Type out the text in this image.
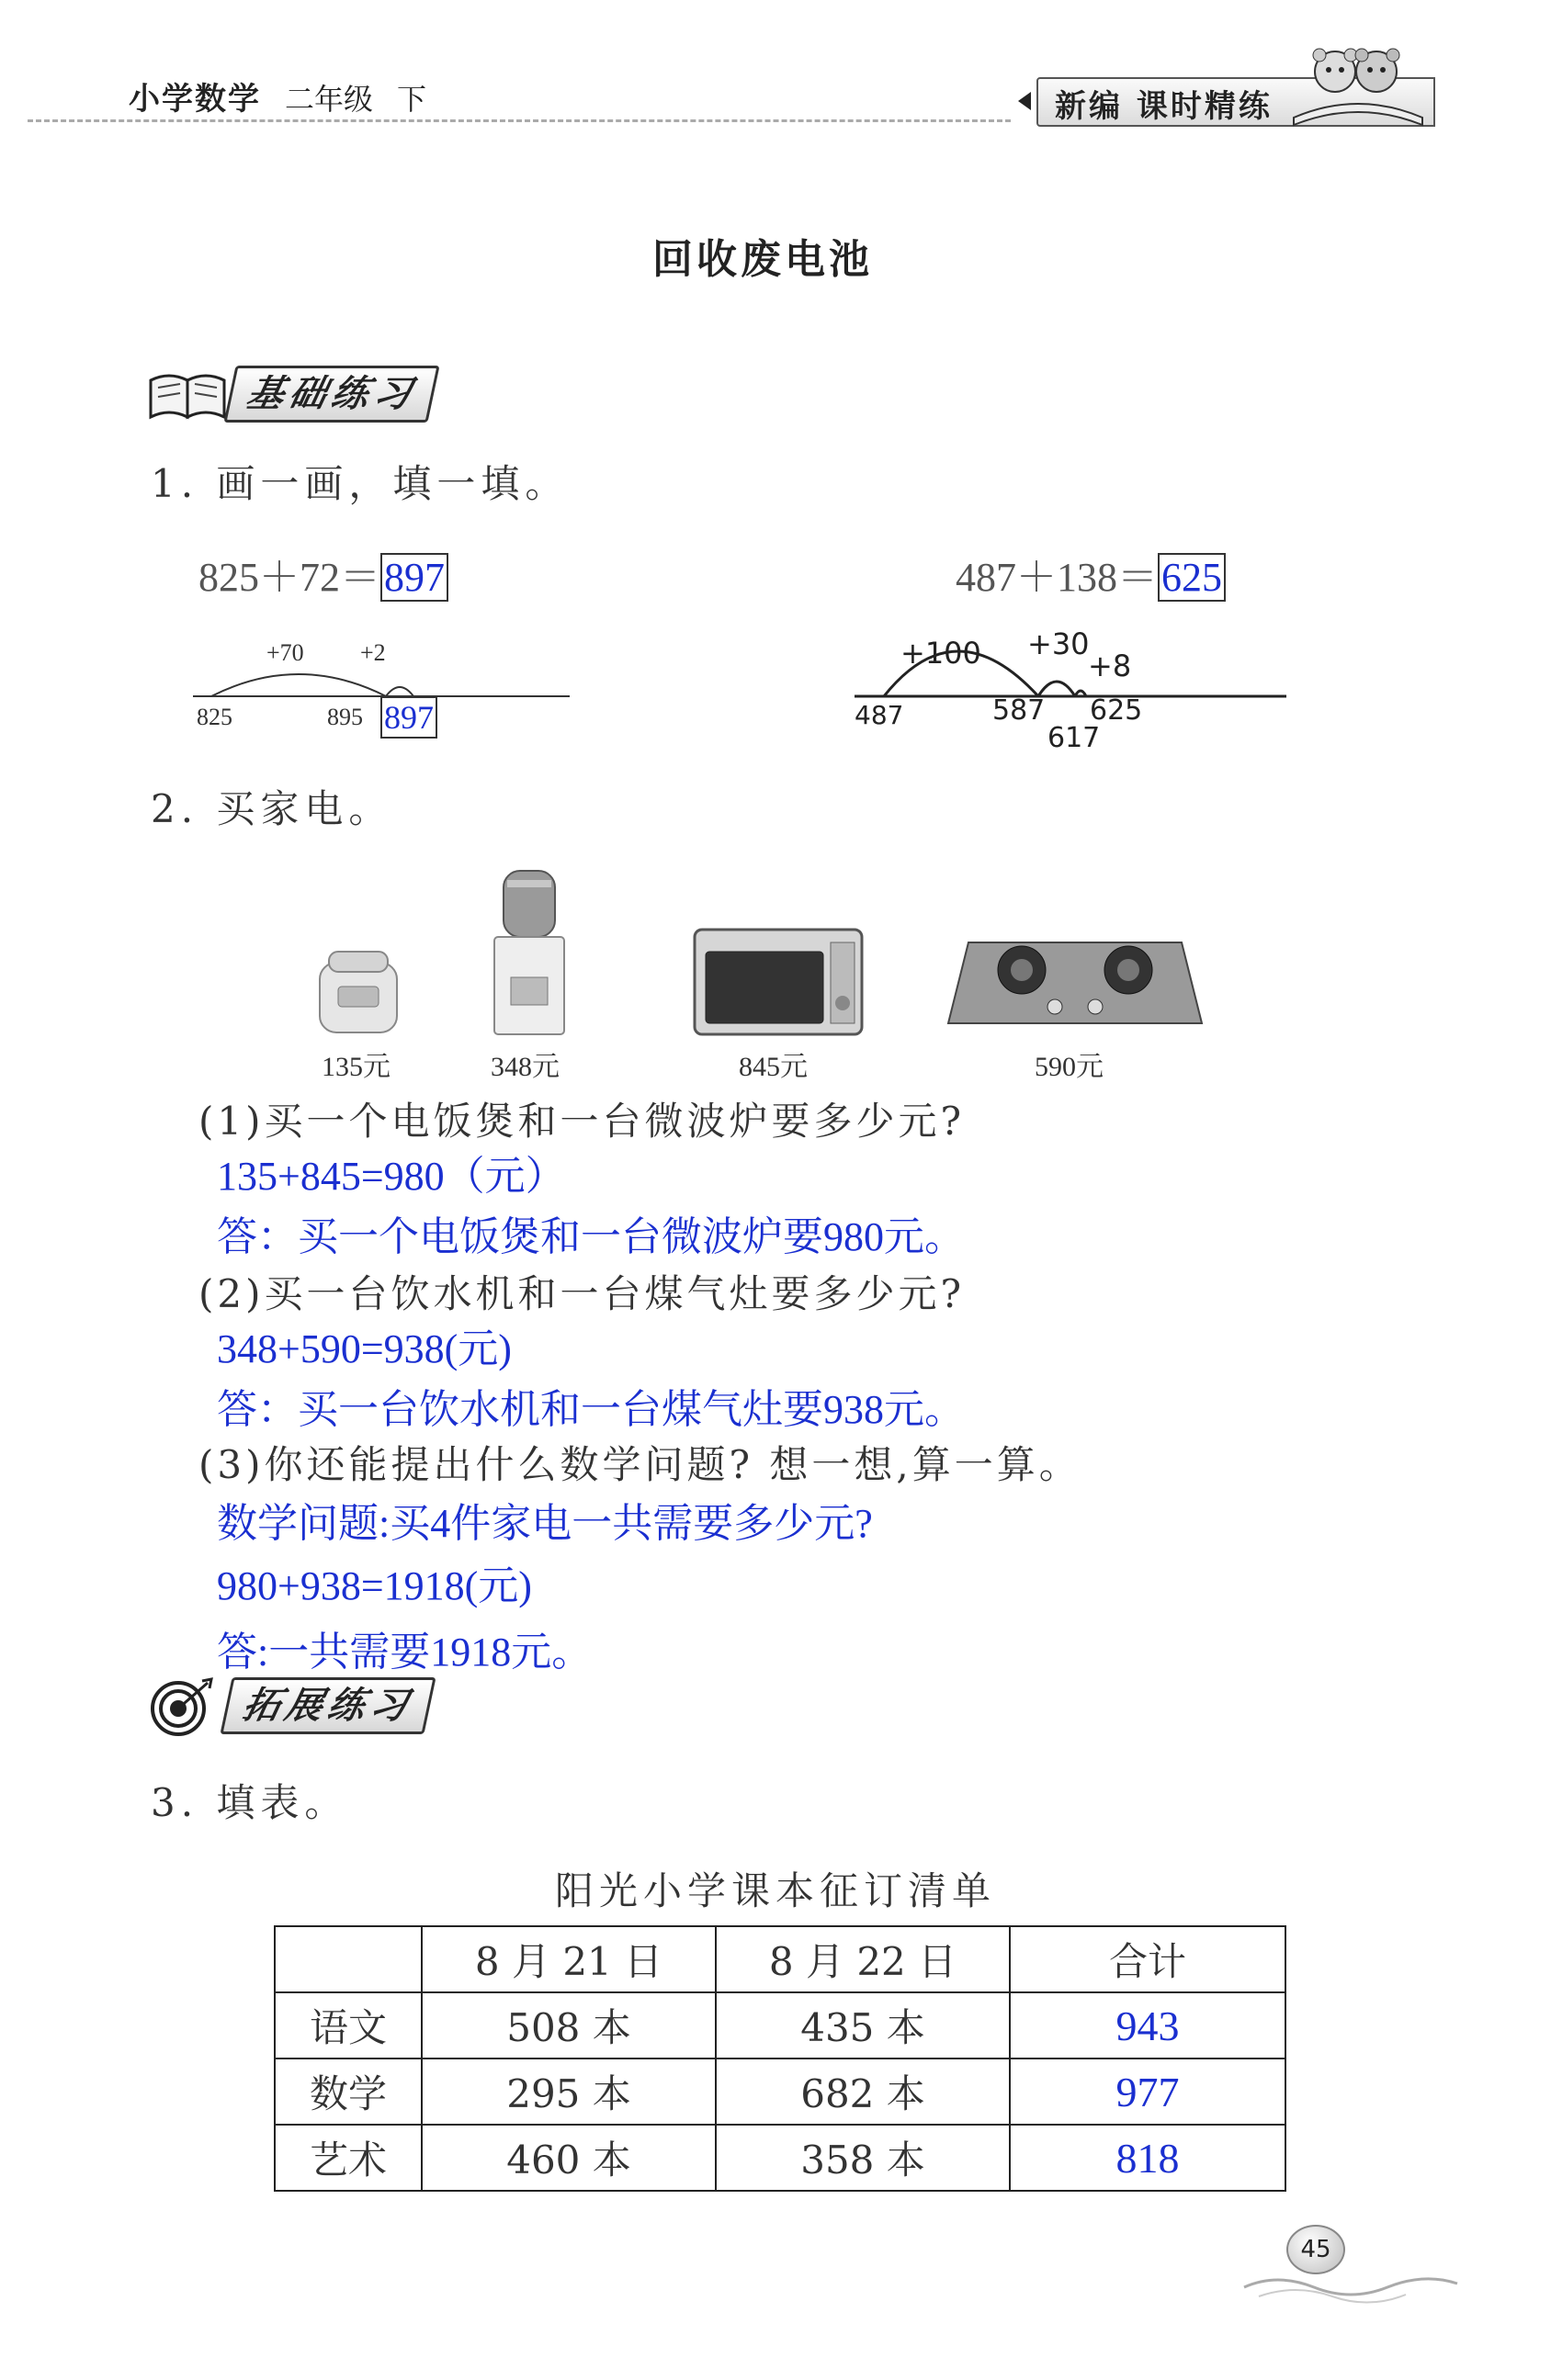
小学数学 二年级 下	新编 课时精练
回收废电池
基础练习
1. 画一画，填一填。
825＋72＝897
+70 +2
825	895 897
487＋138＝625
+100 +30
+8
487	587 625
617
2. 买家电。
135元	348元	845元	590元
(1)买一个电饭煲和一台微波炉要多少元?
135+845=980（元）
答：买一个电饭煲和一台微波炉要980元。
(2)买一台饮水机和一台煤气灶要多少元?
348+590=938(元)
答：买一台饮水机和一台煤气灶要938元。
(3)你还能提出什么数学问题? 想一想,算一算。
数学问题:买4件家电一共需要多少元?
980+938=1918(元)
答:一共需要1918元。
拓展练习
3. 填表。
阳光小学课本征订清单
	8 月 21 日	8 月 22 日	合计
语文	508 本	435 本	943
数学	295 本	682 本	977
艺术	460 本	358 本	818
45
